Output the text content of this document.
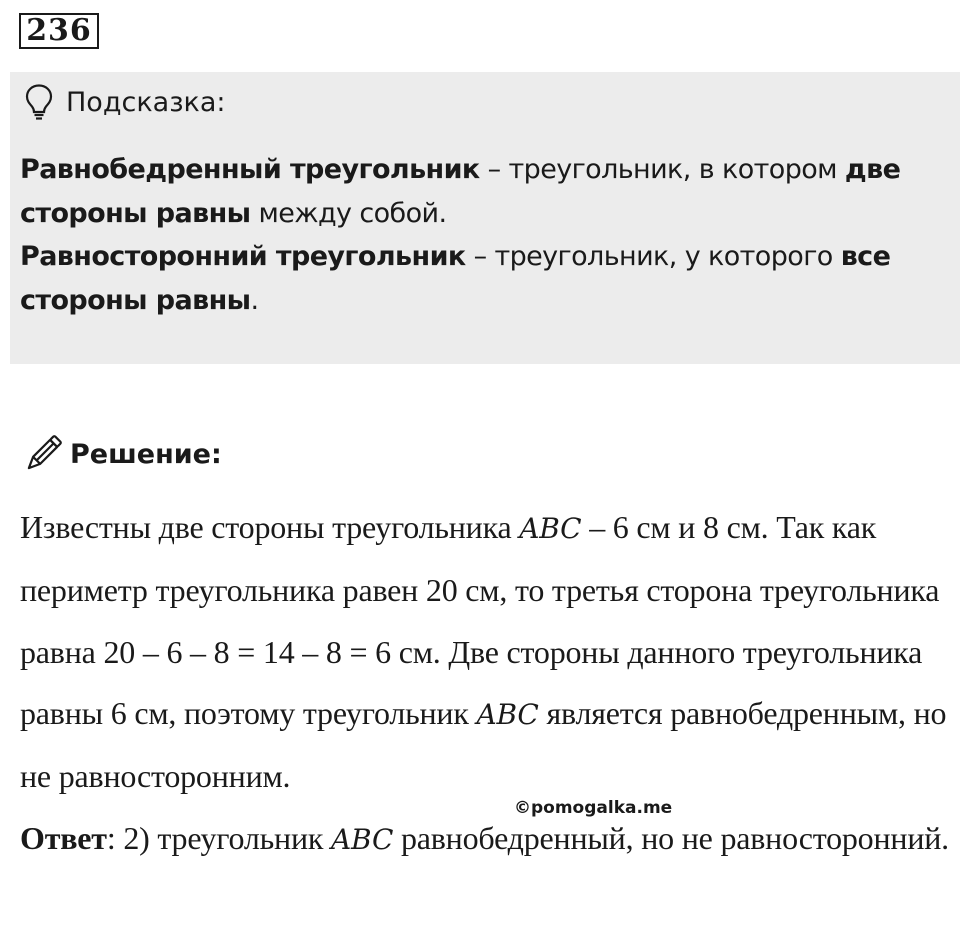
236
Подсказка:
Равнобедренный треугольник – треугольник, в котором две стороны равны между собой.
Равносторонний треугольник – треугольник, у которого все стороны равны.
Решение:
Известны две стороны треугольника ABC – 6 см и 8 см. Так как периметр треугольника равен 20 см, то третья сторона треугольника равна 20 – 6 – 8 = 14 – 8 = 6 см. Две стороны данного треугольника равны 6 см, поэтому треугольник ABC является равнобедренным, но не равносторонним.
Ответ: 2) треугольник ABC равнобедренный, но не равносторонний.
©pomogalka.me
